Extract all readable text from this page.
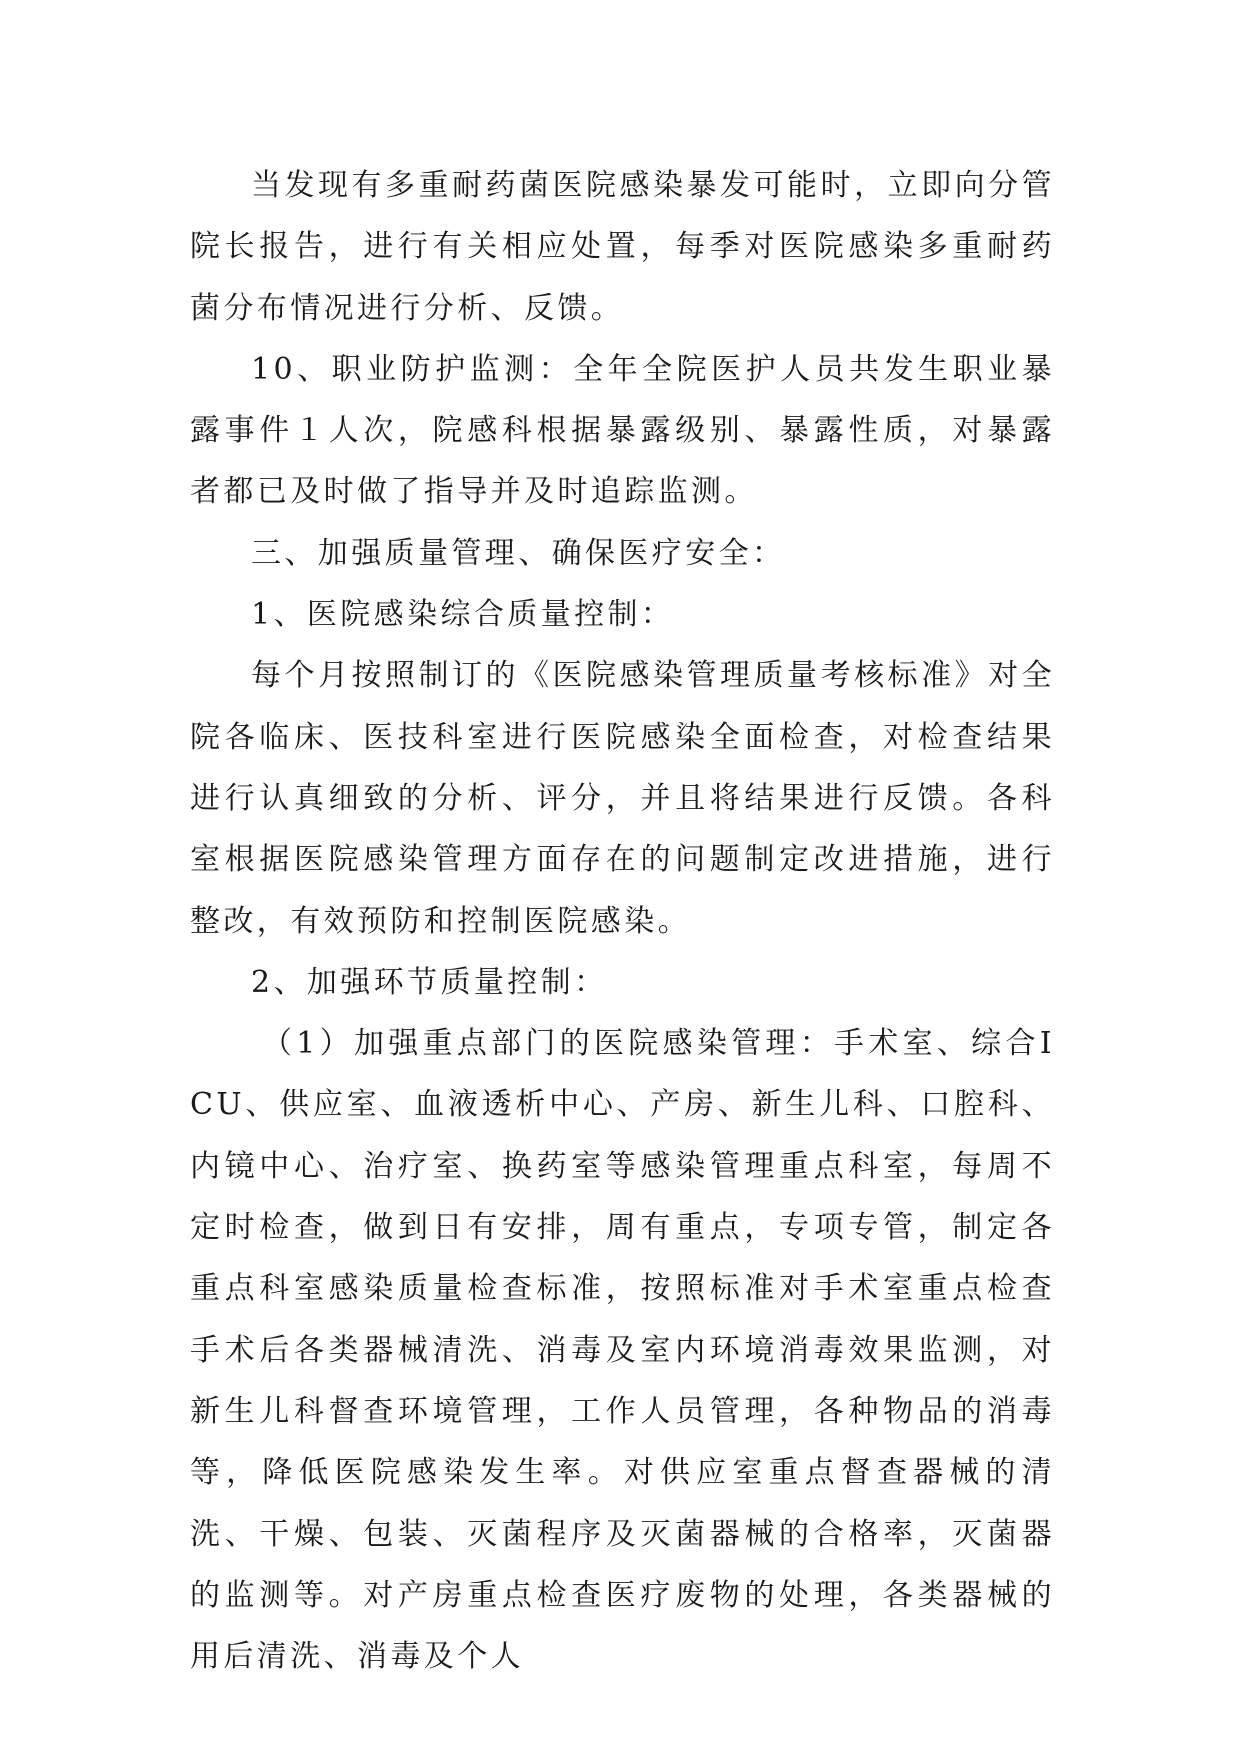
当发现有多重耐药菌医院感染暴发可能时，立即向分管院长报告，进行有关相应处置，每季对医院感染多重耐药菌分布情况进行分析、反馈。

10、职业防护监测：全年全院医护人员共发生职业暴露事件１人次，院感科根据暴露级别、暴露性质，对暴露者都已及时做了指导并及时追踪监测。

三、加强质量管理、确保医疗安全：

1、医院感染综合质量控制：

每个月按照制订的《医院感染管理质量考核标准》对全院各临床、医技科室进行医院感染全面检查，对检查结果进行认真细致的分析、评分，并且将结果进行反馈。各科室根据医院感染管理方面存在的问题制定改进措施，进行整改，有效预防和控制医院感染。

2、加强环节质量控制：

（1）加强重点部门的医院感染管理：手术室、综合ICU、供应室、血液透析中心、产房、新生儿科、口腔科、内镜中心、治疗室、换药室等感染管理重点科室，每周不定时检查，做到日有安排，周有重点，专项专管，制定各重点科室感染质量检查标准，按照标准对手术室重点检查手术后各类器械清洗、消毒及室内环境消毒效果监测，对新生儿科督查环境管理，工作人员管理，各种物品的消毒等，降低医院感染发生率。对供应室重点督查器械的清洗、干燥、包装、灭菌程序及灭菌器械的合格率，灭菌器的监测等。对产房重点检查医疗废物的处理，各类器械的用后清洗、消毒及个人
